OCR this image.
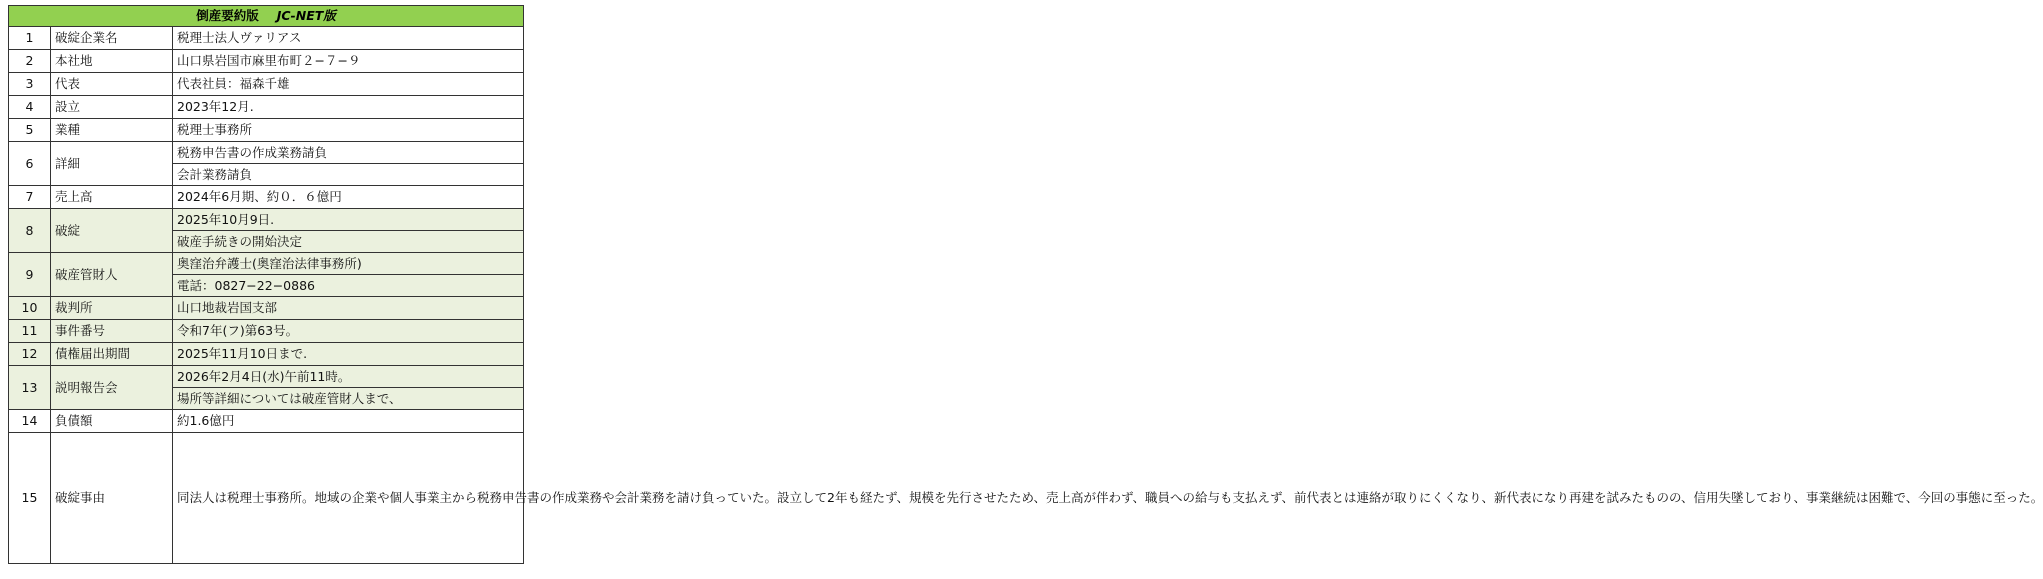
倒産要約版 JC-NET版		
1	破綻企業名	税理士法人ヴァリアス
2	本社地	山口県岩国市麻里布町２−７−９
3	代表	代表社員：福森千雄
4	設立	2023年12月.
5	業種	税理士事務所
6	詳細	税務申告書の作成業務請負
		会計業務請負
7	売上高	2024年6月期、約０．６億円
8	破綻	2025年10月9日.
		破産手続きの開始決定
9	破産管財人	奥窪治弁護士(奥窪治法律事務所)
		電話：0827−22−0886
10	裁判所	山口地裁岩国支部
11	事件番号	令和7年(フ)第63号。
12	債権届出期間	2025年11月10日まで.
13	説明報告会	2026年2月4日(水)午前11時。
		場所等詳細については破産管財人まで、
14	負債額	約1.6億円
15	破綻事由	同法人は税理士事務所。地域の企業や個人事業主から税務申告書の作成業務や会計業務を請け負っていた。設立して2年も経たず、規模を先行させたため、売上高が伴わず、職員への給与も支払えず、前代表とは連絡が取りにくくなり、新代表になり再建を試みたものの、信用失墜しており、事業継続は困難で、今回の事態に至った。
